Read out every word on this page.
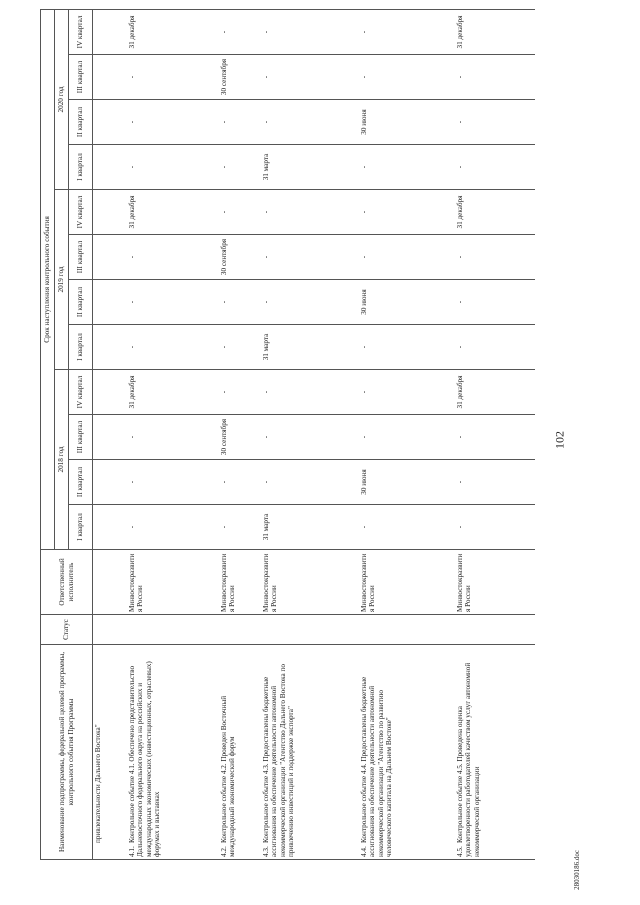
102
28030186.doc
Наименование подпрограммы, федеральной целевой программы, контрольного события Программы	Статус	Ответственный исполнитель	Срок наступления контрольного события											
			2018 год				2019 год				2020 год			
			I квартал	II квартал	III квартал	IV квартал	I квартал	II квартал	III квартал	IV квартал	I квартал	II квартал	III квартал	IV квартал
привлекательности Дальнего Востока"														
4.1.Контрольное событие 4.1. Обеспечено представительство Дальневосточного федерального округа на российских и международных экономических (инвестиционных, отраслевых) форумах и выставках		Минвостокразвития России	-	-	-	31 декабря	-	-	-	31 декабря	-	-	-	31 декабря
4.2.Контрольное событие 4.2. Проведен Восточный международный экономический форум		Минвостокразвития России	-	-	30 сентября	-	-	-	30 сентября	-	-	-	30 сентября	-
4.3.Контрольное событие 4.3. Предоставлены бюджетные ассигнования на обеспечение деятельности автономной некоммерческой организации "Агентство Дальнего Востока по привлечению инвестиций и поддержке экспорта"		Минвостокразвития России	31 марта	-	-	-	31 марта	-	-	-	31 марта	-	-	-
4.4.Контрольное событие 4.4. Предоставлены бюджетные ассигнования на обеспечение деятельности автономной некоммерческой организации "Агентство по развитию человеческого капитала на Дальнем Востоке"		Минвостокразвития России	-	30 июня	-	-	-	30 июня	-	-	-	30 июня	-	-
4.5.Контрольное событие 4.5. Проведена оценка удовлетворенности работодателей качеством услуг автономной некоммерческой организации		Минвостокразвития России	-	-	-	31 декабря	-	-	-	31 декабря	-	-	-	31 декабря
